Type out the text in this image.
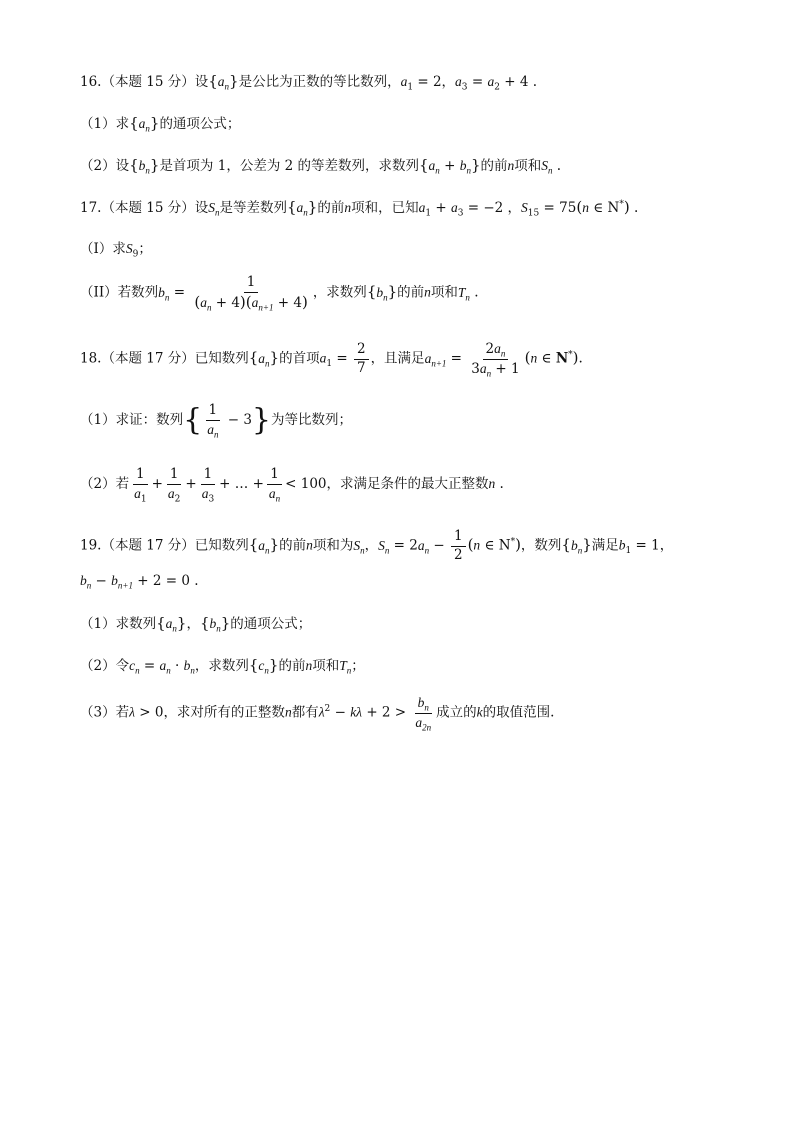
16.（本题 15 分）设$\{a_n\}$是公比为正数的等比数列，$a_1 = 2$，$a_3 = a_2 + 4$ .
（1）求$\{a_n\}$的通项公式；
（2）设$\{b_n\}$是首项为 1，公差为 2 的等差数列，求数列$\{a_n + b_n\}$的前n项和$S_n$ .
17.（本题 15 分）设$S_n$是等差数列$\{a_n\}$的前n项和，已知$a_1 + a_3 = -2$ ，$S_{15} = 75(n$ ∈ N*) .
（I）求$S_9$；
（II）若数列$b_n = \frac{1}{(a_n + 4)(a_{n+1} + 4)}$ ，求数列$\{b_n\}$的前n项和$T_n$ .
18.（本题 17 分）已知数列$\{a_n\}$的首项$a_1 = \frac{2}{7}$ ，且满足$a_{n+1} = \frac{2a_n}{3a_n + 1} (n$ ∈ N*).
（1）求证：数列{ $\frac{1}{a_n} - 3$}为等比数列；
（2）若 $\frac{1}{a_1} + \frac{1}{a_2} + \frac{1}{a_3}$ + … + $\frac{1}{a_n} < 100$，求满足条件的最大正整数n .
19.（本题 17 分）已知数列$\{a_n\}$的前n项和为$S_n$，$S_n = 2a_n - \frac{1}{2} (n$ ∈ N*)，数列$\{b_n\}$满足$b_1 = 1$，
$b_n - b_{n+1} + 2 = 0$ .
（1）求数列$\{a_n\}$，$\{b_n\}$的通项公式；
（2）令$c_n = a_n \cdot b_n$，求数列$\{c_n\}$的前n项和$T_n$；
（3）若λ > 0，求对所有的正整数n都有$\lambda^2 - k\lambda + 2 > \frac{b_n}{a_{2n}}$ 成立的k的取值范围.
